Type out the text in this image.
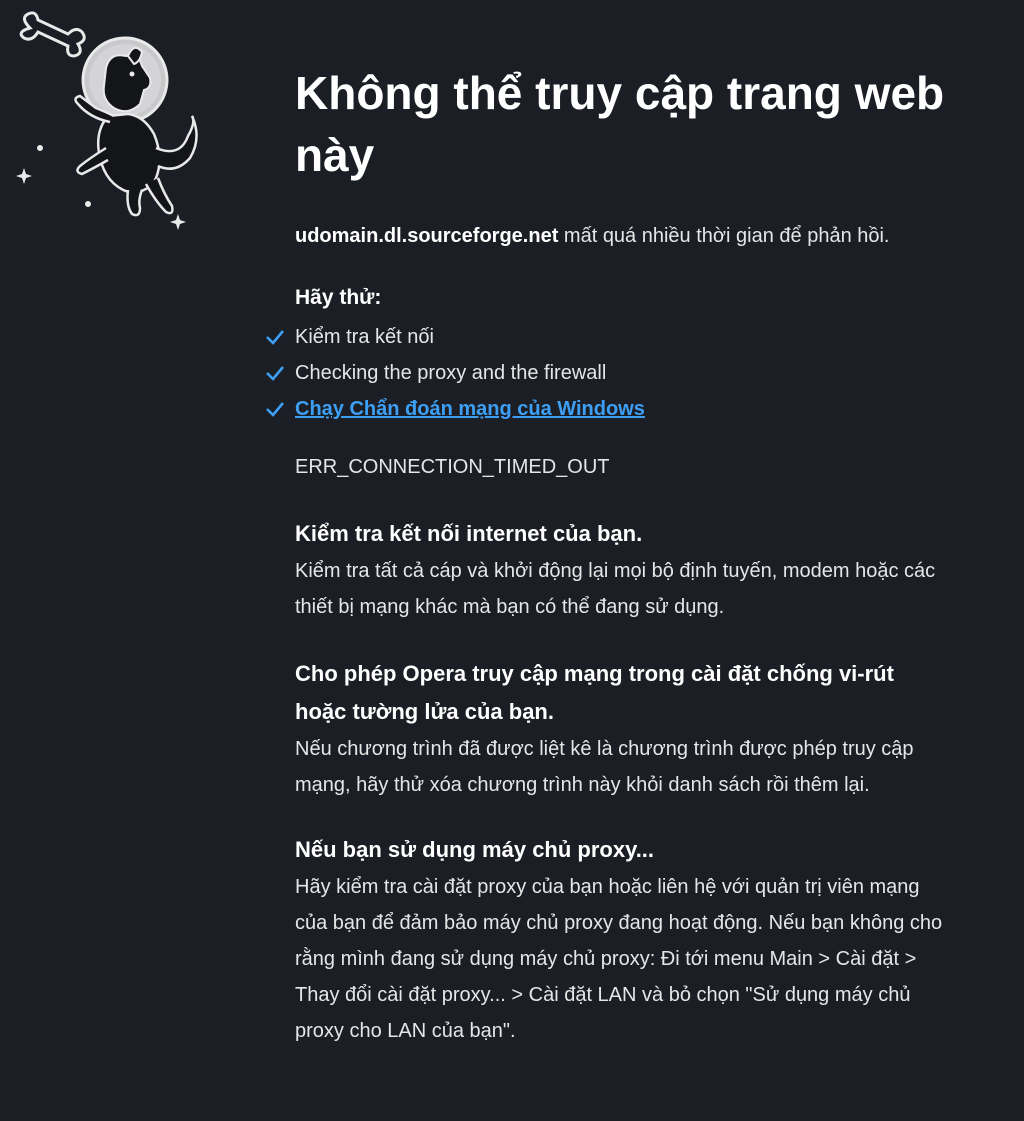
Không thể truy cập trang web này

udomain.dl.sourceforge.net mất quá nhiều thời gian để phản hồi.

Hãy thử:
Kiểm tra kết nối
Checking the proxy and the firewall
Chạy Chẩn đoán mạng của Windows
ERR_CONNECTION_TIMED_OUT
Kiểm tra kết nối internet của bạn.

Kiểm tra tất cả cáp và khởi động lại mọi bộ định tuyến, modem hoặc các thiết bị mạng khác mà bạn có thể đang sử dụng.

Cho phép Opera truy cập mạng trong cài đặt chống vi-rút hoặc tường lửa của bạn.

Nếu chương trình đã được liệt kê là chương trình được phép truy cập mạng, hãy thử xóa chương trình này khỏi danh sách rồi thêm lại.

Nếu bạn sử dụng máy chủ proxy...

Hãy kiểm tra cài đặt proxy của bạn hoặc liên hệ với quản trị viên mạng của bạn để đảm bảo máy chủ proxy đang hoạt động. Nếu bạn không cho rằng mình đang sử dụng máy chủ proxy: Đi tới menu Main > Cài đặt > Thay đổi cài đặt proxy... > Cài đặt LAN và bỏ chọn "Sử dụng máy chủ proxy cho LAN của bạn".
